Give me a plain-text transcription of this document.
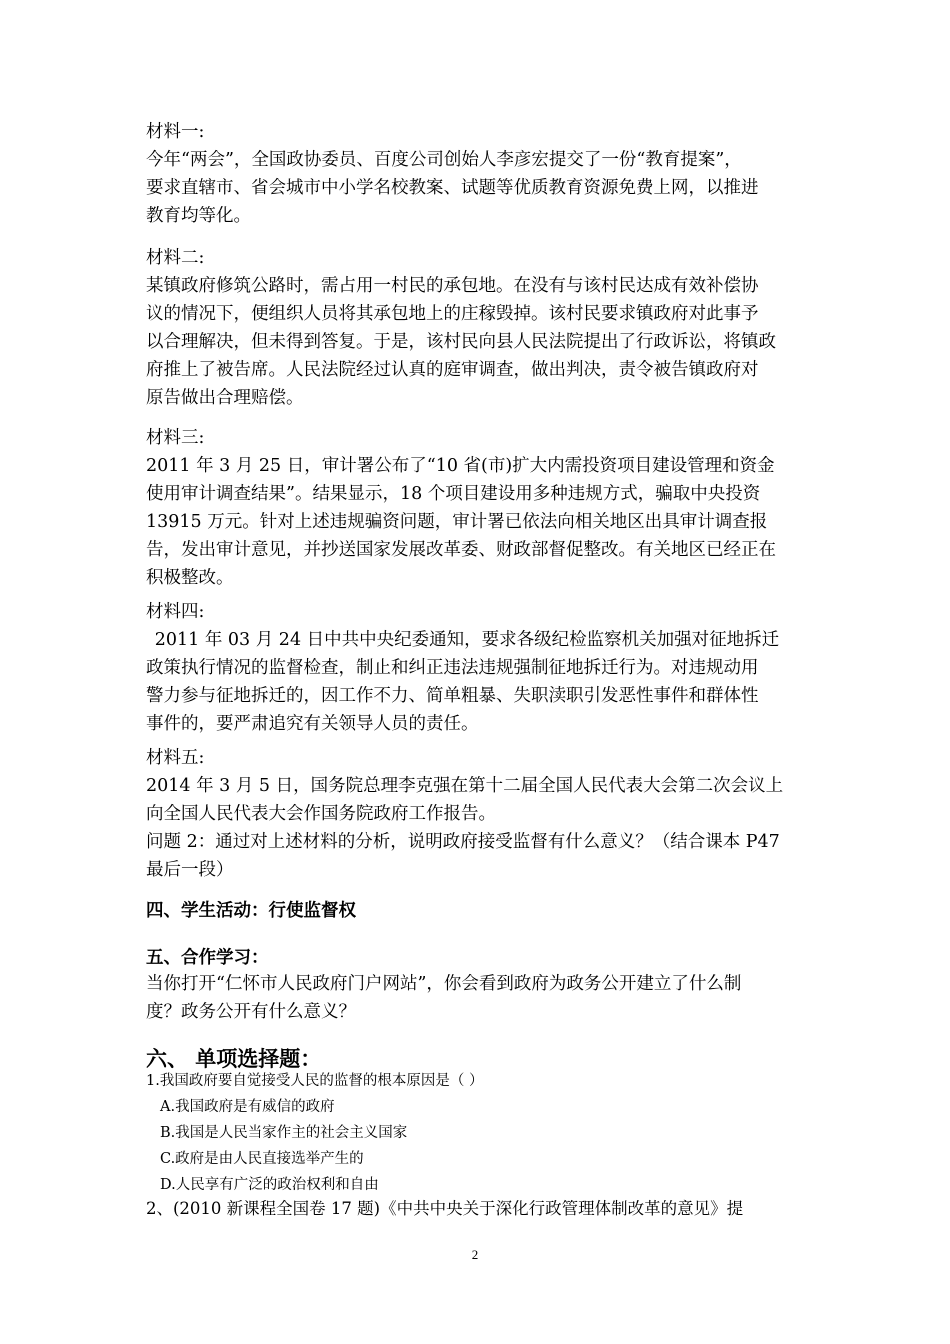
材料一:

今年“两会”，全国政协委员、百度公司创始人李彦宏提交了一份“教育提案”，

要求直辖市、省会城市中小学名校教案、试题等优质教育资源免费上网，以推进

教育均等化。

材料二:

某镇政府修筑公路时，需占用一村民的承包地。在没有与该村民达成有效补偿协

议的情况下，便组织人员将其承包地上的庄稼毁掉。该村民要求镇政府对此事予

以合理解决，但未得到答复。于是，该村民向县人民法院提出了行政诉讼，将镇政

府推上了被告席。人民法院经过认真的庭审调查，做出判决，责令被告镇政府对

原告做出合理赔偿。

材料三:

2011 年 3 月 25 日，审计署公布了“10 省(市)扩大内需投资项目建设管理和资金

使用审计调查结果”。结果显示，18 个项目建设用多种违规方式，骗取中央投资

13915 万元。针对上述违规骗资问题，审计署已依法向相关地区出具审计调查报

告，发出审计意见，并抄送国家发展改革委、财政部督促整改。有关地区已经正在

积极整改。

材料四:

2011 年 03 月 24 日中共中央纪委通知，要求各级纪检监察机关加强对征地拆迁

政策执行情况的监督检查，制止和纠正违法违规强制征地拆迁行为。对违规动用

警力参与征地拆迁的，因工作不力、简单粗暴、失职渎职引发恶性事件和群体性

事件的，要严肃追究有关领导人员的责任。

材料五:

2014 年 3 月 5 日，国务院总理李克强在第十二届全国人民代表大会第二次会议上

向全国人民代表大会作国务院政府工作报告。

问题 2：通过对上述材料的分析，说明政府接受监督有什么意义？（结合课本 P47

最后一段）

四、学生活动：行使监督权

五、合作学习：

当你打开“仁怀市人民政府门户网站”，你会看到政府为政务公开建立了什么制

度？政务公开有什么意义？

六、 单项选择题：

1.我国政府要自觉接受人民的监督的根本原因是（ ）

A.我国政府是有威信的政府

B.我国是人民当家作主的社会主义国家

C.政府是由人民直接选举产生的

D.人民享有广泛的政治权利和自由

2、(2010 新课程全国卷 17 题)《中共中央关于深化行政管理体制改革的意见》提

2
